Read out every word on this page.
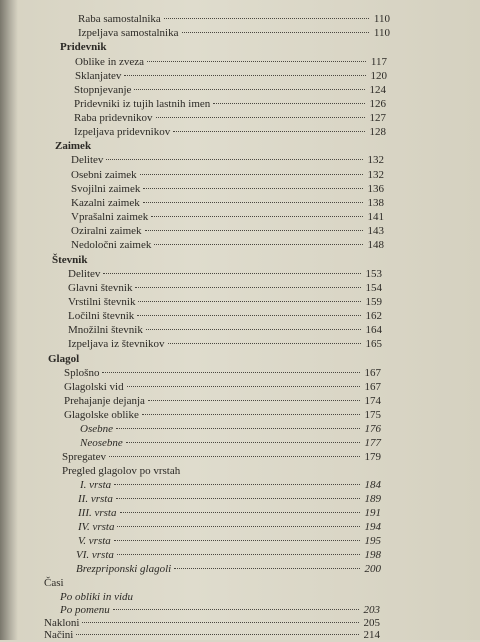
Raba samostalnika	110
Izpeljava samostalnika	110
Pridevnik
Oblike in zveza	117
Sklanjatev	120
Stopnjevanje	124
Pridevniki iz tujih lastnih imen	126
Raba pridevnikov	127
Izpeljava pridevnikov	128
Zaimek
Delitev	132
Osebni zaimek	132
Svojilni zaimek	136
Kazalni zaimek	138
Vprašalni zaimek	141
Oziralni zaimek	143
Nedoločni zaimek	148
Števnik
Delitev	153
Glavni števnik	154
Vrstilni števnik	159
Ločilni števnik	162
Množilni števnik	164
Izpeljava iz števnikov	165
Glagol
Splošno	167
Glagolski vid	167
Prehajanje dejanja	174
Glagolske oblike	175
Osebne	176
Neosebne	177
Spregatev	179
Pregled glagolov po vrstah
I. vrsta	184
II. vrsta	189
III. vrsta	191
IV. vrsta	194
V. vrsta	195
VI. vrsta	198
Brezpriponski glagoli	200
Časi
Po obliki in vidu
Po pomenu	203
Naklonі	205
Načini	214
